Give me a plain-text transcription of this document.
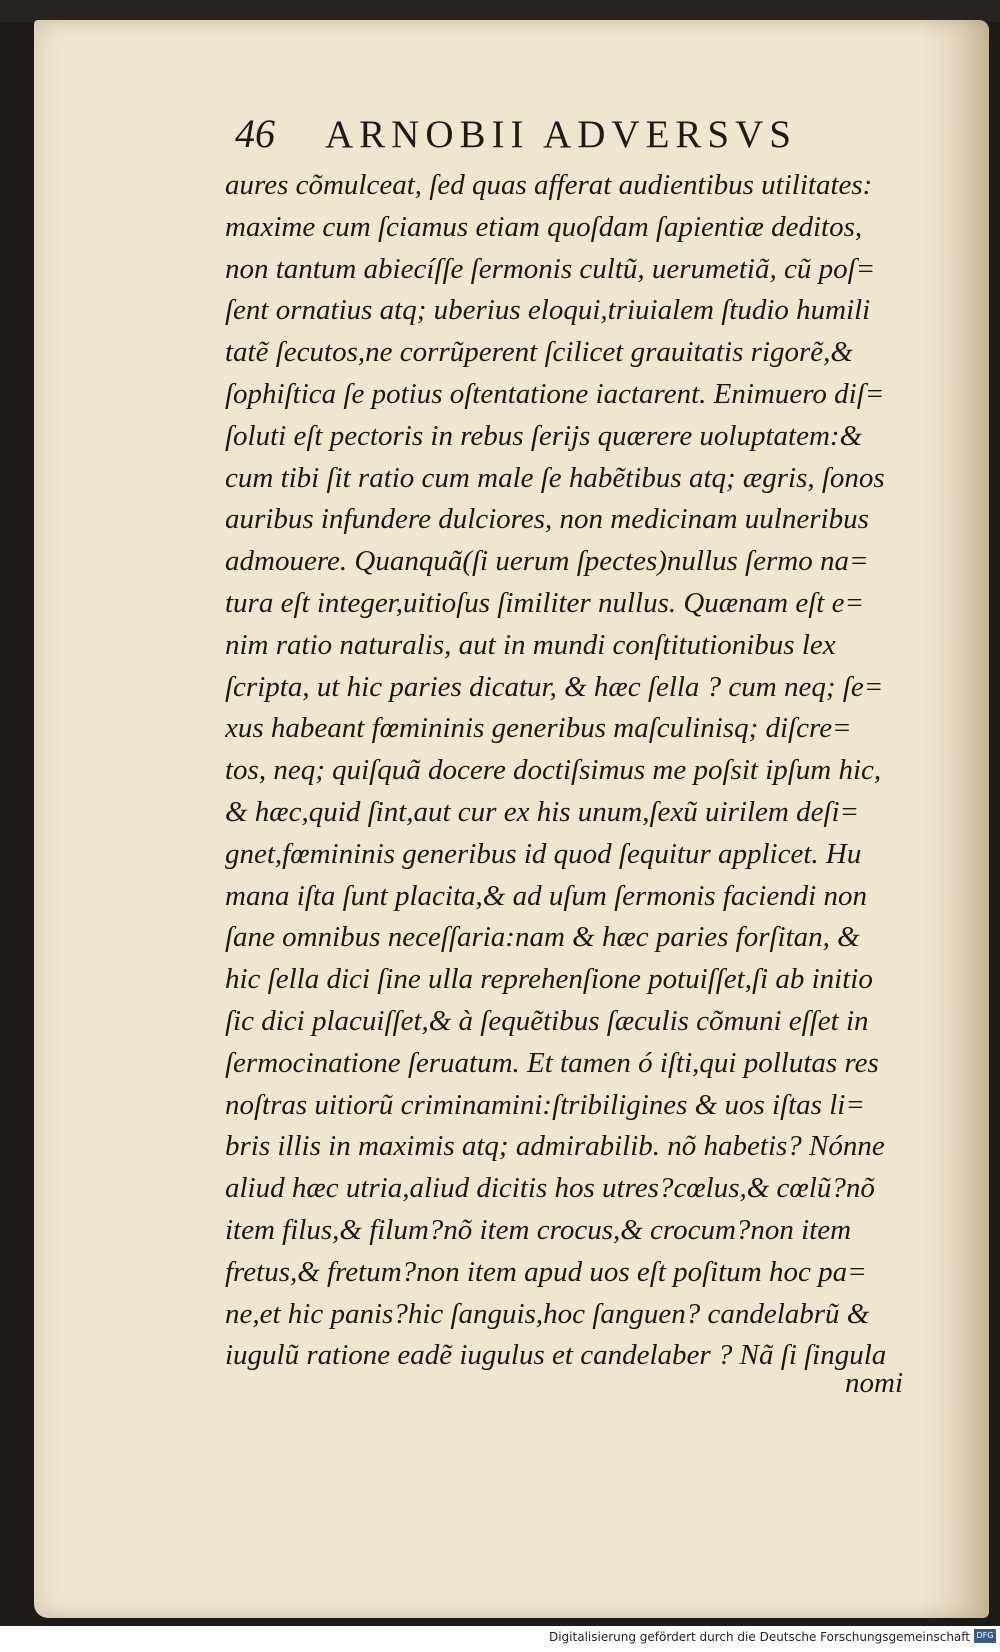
46 ARNOBII ADVERSVS
aures cõmulceat, ſed quas afferat audientibus utilitates:
maxime cum ſciamus etiam quoſdam ſapientiæ deditos,
non tantum abiecíſſe ſermonis cultũ, uerumetiã, cũ poſ=
ſent ornatius atq; uberius eloqui,triuialem ſtudio humili
tatẽ ſecutos,ne corrũperent ſcilicet grauitatis rigorẽ,&
ſophiſtica ſe potius oſtentatione iactarent. Enimuero diſ=
ſoluti eſt pectoris in rebus ſerijs quærere uoluptatem:&
cum tibi ſit ratio cum male ſe habẽtibus atq; ægris, ſonos
auribus infundere dulciores, non medicinam uulneribus
admouere. Quanquã(ſi uerum ſpectes)nullus ſermo na=
tura eſt integer,uitioſus ſimiliter nullus. Quænam eſt e=
nim ratio naturalis, aut in mundi conſtitutionibus lex
ſcripta, ut hic paries dicatur, & hæc ſella ? cum neq; ſe=
xus habeant fœmininis generibus maſculinisq; diſcre=
tos, neq; quiſquã docere doctiſsimus me poſsit ipſum hic,
& hæc,quid ſint,aut cur ex his unum,ſexũ uirilem deſi=
gnet,fœmininis generibus id quod ſequitur applicet. Hu
mana iſta ſunt placita,& ad uſum ſermonis faciendi non
ſane omnibus neceſſaria:nam & hæc paries forſitan, &
hic ſella dici ſine ulla reprehenſione potuiſſet,ſi ab initio
ſic dici placuiſſet,& à ſequẽtibus ſæculis cõmuni eſſet in
ſermocinatione ſeruatum. Et tamen ó iſti,qui pollutas res
noſtras uitiorũ criminamini:ſtribiligines & uos iſtas li=
bris illis in maximis atq; admirabilib. nõ habetis? Nónne
aliud hæc utria,aliud dicitis hos utres?cœlus,& cœlũ?nõ
item filus,& filum?nõ item crocus,& crocum?non item
fretus,& fretum?non item apud uos eſt poſitum hoc pa=
ne,et hic panis?hic ſanguis,hoc ſanguen? candelabrũ &
iugulũ ratione eadẽ iugulus et candelaber ? Nã ſi ſingula
nomi
Digitalisierung gefördert durch die Deutsche Forschungsgemeinschaft DFG
